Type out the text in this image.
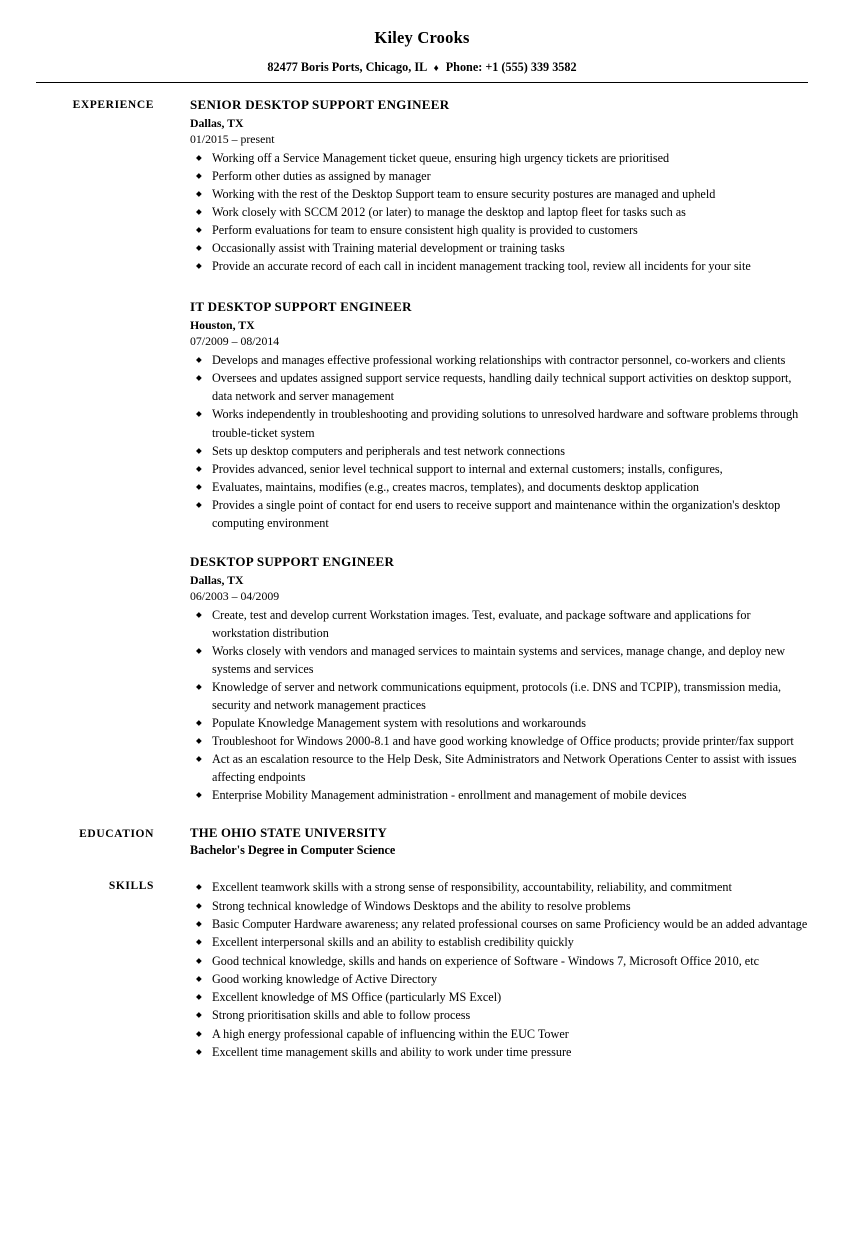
Kiley Crooks
82477 Boris Ports, Chicago, IL ♦ Phone: +1 (555) 339 3582
EXPERIENCE	SENIOR DESKTOP SUPPORT ENGINEER
Dallas, TX
01/2015 – present
◆ Working off a Service Management ticket queue, ensuring high urgency tickets are prioritised
◆ Perform other duties as assigned by manager
◆ Working with the rest of the Desktop Support team to ensure security postures are managed and upheld
◆ Work closely with SCCM 2012 (or later) to manage the desktop and laptop fleet for tasks such as
◆ Perform evaluations for team to ensure consistent high quality is provided to customers
◆ Occasionally assist with Training material development or training tasks
◆ Provide an accurate record of each call in incident management tracking tool, review all incidents for your site
IT DESKTOP SUPPORT ENGINEER
Houston, TX
07/2009 – 08/2014
◆ Develops and manages effective professional working relationships with contractor personnel, co-workers and clients
◆ Oversees and updates assigned support service requests, handling daily technical support activities on desktop support, data network and server management
◆ Works independently in troubleshooting and providing solutions to unresolved hardware and software problems through trouble-ticket system
◆ Sets up desktop computers and peripherals and test network connections
◆ Provides advanced, senior level technical support to internal and external customers; installs, configures,
◆ Evaluates, maintains, modifies (e.g., creates macros, templates), and documents desktop application
◆ Provides a single point of contact for end users to receive support and maintenance within the organization's desktop computing environment
DESKTOP SUPPORT ENGINEER
Dallas, TX
06/2003 – 04/2009
◆ Create, test and develop current Workstation images. Test, evaluate, and package software and applications for workstation distribution
◆ Works closely with vendors and managed services to maintain systems and services, manage change, and deploy new systems and services
◆ Knowledge of server and network communications equipment, protocols (i.e. DNS and TCPIP), transmission media, security and network management practices
◆ Populate Knowledge Management system with resolutions and workarounds
◆ Troubleshoot for Windows 2000-8.1 and have good working knowledge of Office products; provide printer/fax support
◆ Act as an escalation resource to the Help Desk, Site Administrators and Network Operations Center to assist with issues affecting endpoints
◆ Enterprise Mobility Management administration - enrollment and management of mobile devices
EDUCATION	THE OHIO STATE UNIVERSITY
Bachelor's Degree in Computer Science
SKILLS	◆ Excellent teamwork skills with a strong sense of responsibility, accountability, reliability, and commitment
◆ Strong technical knowledge of Windows Desktops and the ability to resolve problems
◆ Basic Computer Hardware awareness; any related professional courses on same Proficiency would be an added advantage
◆ Excellent interpersonal skills and an ability to establish credibility quickly
◆ Good technical knowledge, skills and hands on experience of Software - Windows 7, Microsoft Office 2010, etc
◆ Good working knowledge of Active Directory
◆ Excellent knowledge of MS Office (particularly MS Excel)
◆ Strong prioritisation skills and able to follow process
◆ A high energy professional capable of influencing within the EUC Tower
◆ Excellent time management skills and ability to work under time pressure
